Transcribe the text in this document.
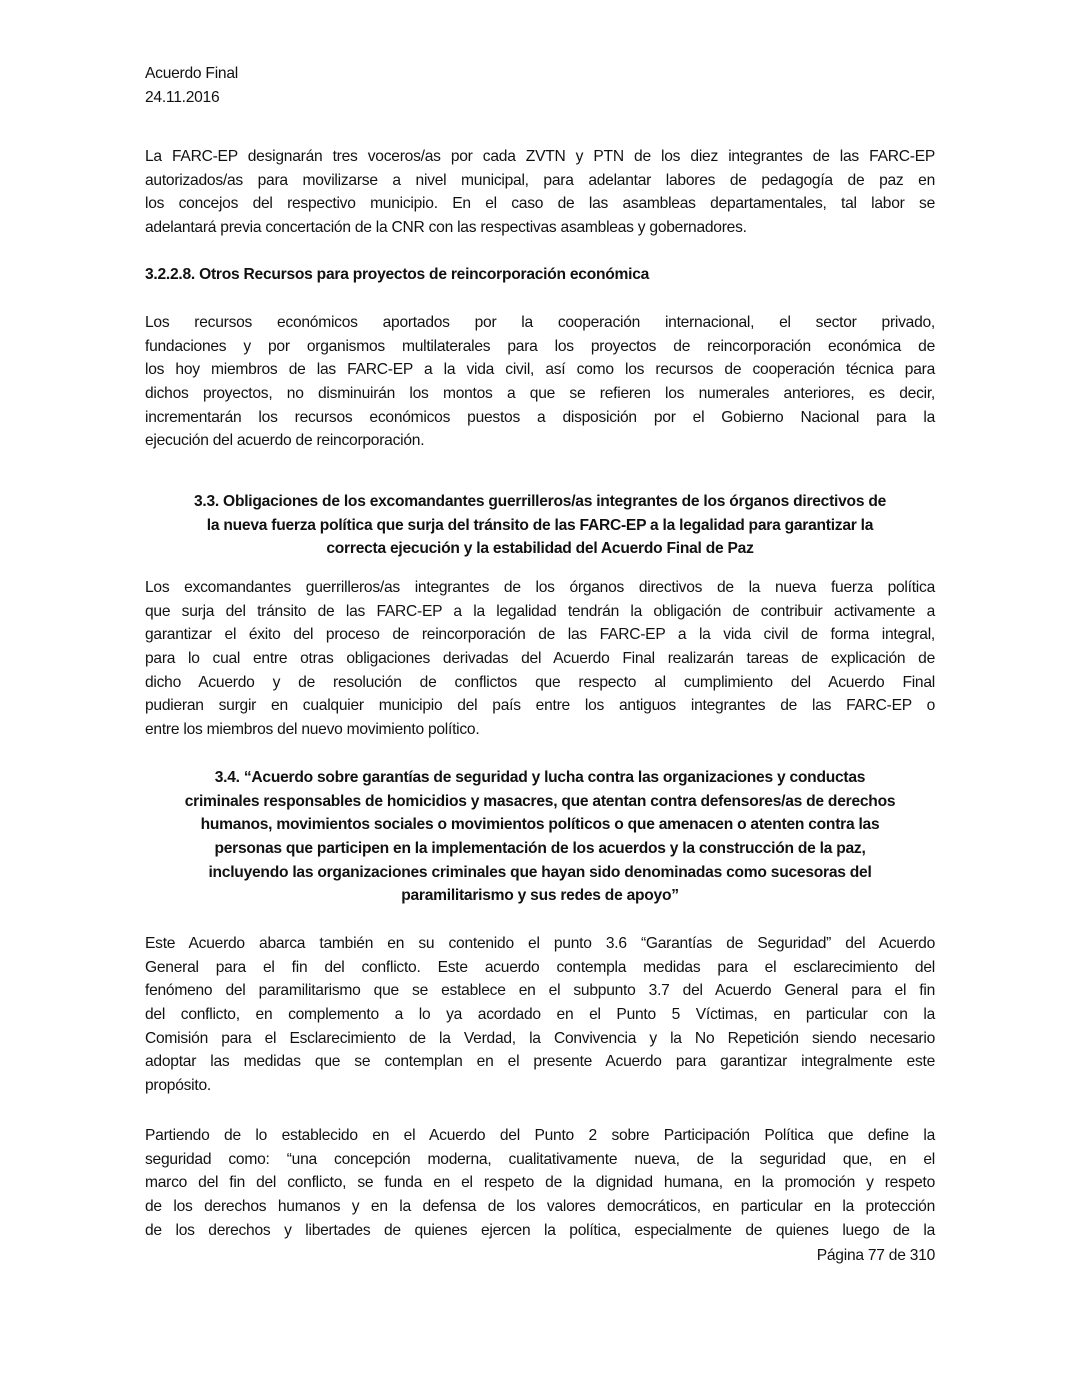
Acuerdo Final
24.11.2016
La FARC-EP designarán tres voceros/as por cada ZVTN y PTN de los diez integrantes de las FARC-EP
autorizados/as para movilizarse a nivel municipal, para adelantar labores de pedagogía de paz en
los concejos del respectivo municipio. En el caso de las asambleas departamentales, tal labor se
adelantará previa concertación de la CNR con las respectivas asambleas y gobernadores.
3.2.2.8. Otros Recursos para proyectos de reincorporación económica
Los recursos económicos aportados por la cooperación internacional, el sector privado,
fundaciones y por organismos multilaterales para los proyectos de reincorporación económica de
los hoy miembros de las FARC-EP a la vida civil, así como los recursos de cooperación técnica para
dichos proyectos, no disminuirán los montos a que se refieren los numerales anteriores, es decir,
incrementarán los recursos económicos puestos a disposición por el Gobierno Nacional para la
ejecución del acuerdo de reincorporación.
3.3. Obligaciones de los excomandantes guerrilleros/as integrantes de los órganos directivos de
la nueva fuerza política que surja del tránsito de las FARC-EP a la legalidad para garantizar la
correcta ejecución y la estabilidad del Acuerdo Final de Paz
Los excomandantes guerrilleros/as integrantes de los órganos directivos de la nueva fuerza política
que surja del tránsito de las FARC-EP a la legalidad tendrán la obligación de contribuir activamente a
garantizar el éxito del proceso de reincorporación de las FARC-EP a la vida civil de forma integral,
para lo cual entre otras obligaciones derivadas del Acuerdo Final realizarán tareas de explicación de
dicho Acuerdo y de resolución de conflictos que respecto al cumplimiento del Acuerdo Final
pudieran surgir en cualquier municipio del país entre los antiguos integrantes de las FARC-EP o
entre los miembros del nuevo movimiento político.
3.4. “Acuerdo sobre garantías de seguridad y lucha contra las organizaciones y conductas
criminales responsables de homicidios y masacres, que atentan contra defensores/as de derechos
humanos, movimientos sociales o movimientos políticos o que amenacen o atenten contra las
personas que participen en la implementación de los acuerdos y la construcción de la paz,
incluyendo las organizaciones criminales que hayan sido denominadas como sucesoras del
paramilitarismo y sus redes de apoyo”
Este Acuerdo abarca también en su contenido el punto 3.6 “Garantías de Seguridad” del Acuerdo
General para el fin del conflicto. Este acuerdo contempla medidas para el esclarecimiento del
fenómeno del paramilitarismo que se establece en el subpunto 3.7 del Acuerdo General para el fin
del conflicto, en complemento a lo ya acordado en el Punto 5 Víctimas, en particular con la
Comisión para el Esclarecimiento de la Verdad, la Convivencia y la No Repetición siendo necesario
adoptar las medidas que se contemplan en el presente Acuerdo para garantizar integralmente este
propósito.
Partiendo de lo establecido en el Acuerdo del Punto 2 sobre Participación Política que define la
seguridad como: “una concepción moderna, cualitativamente nueva, de la seguridad que, en el
marco del fin del conflicto, se funda en el respeto de la dignidad humana, en la promoción y respeto
de los derechos humanos y en la defensa de los valores democráticos, en particular en la protección
de los derechos y libertades de quienes ejercen la política, especialmente de quienes luego de la
Página 77 de 310
